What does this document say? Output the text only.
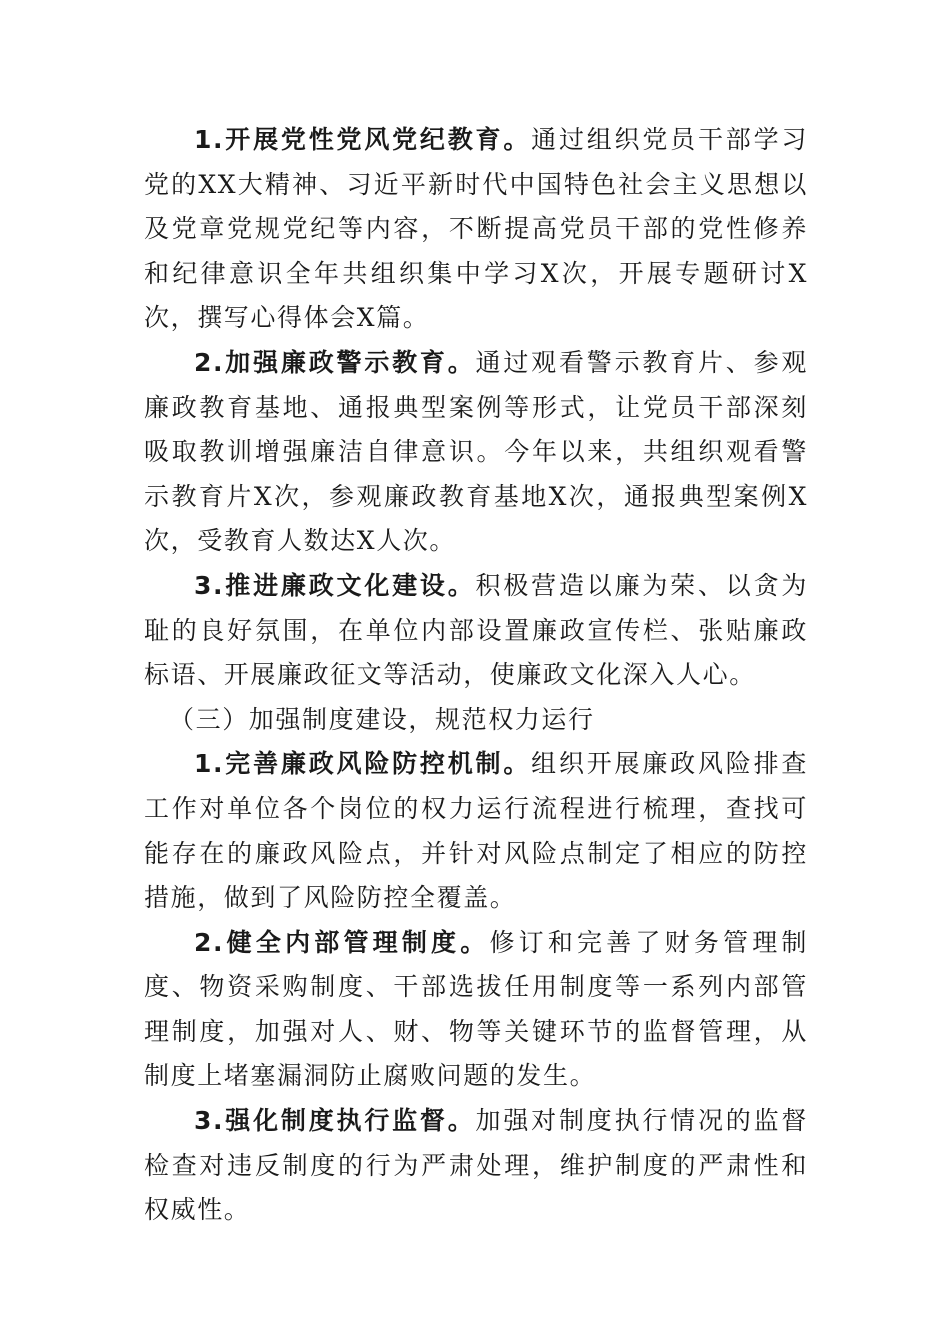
1.开展党性党风党纪教育。通过组织党员干部学习党的XX大精神、习近平新时代中国特色社会主义思想以及党章党规党纪等内容，不断提高党员干部的党性修养和纪律意识全年共组织集中学习X次，开展专题研讨X次，撰写心得体会X篇。

2.加强廉政警示教育。通过观看警示教育片、参观廉政教育基地、通报典型案例等形式，让党员干部深刻吸取教训增强廉洁自律意识。今年以来，共组织观看警示教育片X次，参观廉政教育基地X次，通报典型案例X次，受教育人数达X人次。

3.推进廉政文化建设。积极营造以廉为荣、以贪为耻的良好氛围，在单位内部设置廉政宣传栏、张贴廉政标语、开展廉政征文等活动，使廉政文化深入人心。

（三）加强制度建设，规范权力运行

1.完善廉政风险防控机制。组织开展廉政风险排查工作对单位各个岗位的权力运行流程进行梳理，查找可能存在的廉政风险点，并针对风险点制定了相应的防控措施，做到了风险防控全覆盖。

2.健全内部管理制度。修订和完善了财务管理制度、物资采购制度、干部选拔任用制度等一系列内部管理制度，加强对人、财、物等关键环节的监督管理，从制度上堵塞漏洞防止腐败问题的发生。

3.强化制度执行监督。加强对制度执行情况的监督检查对违反制度的行为严肃处理，维护制度的严肃性和权威性。
